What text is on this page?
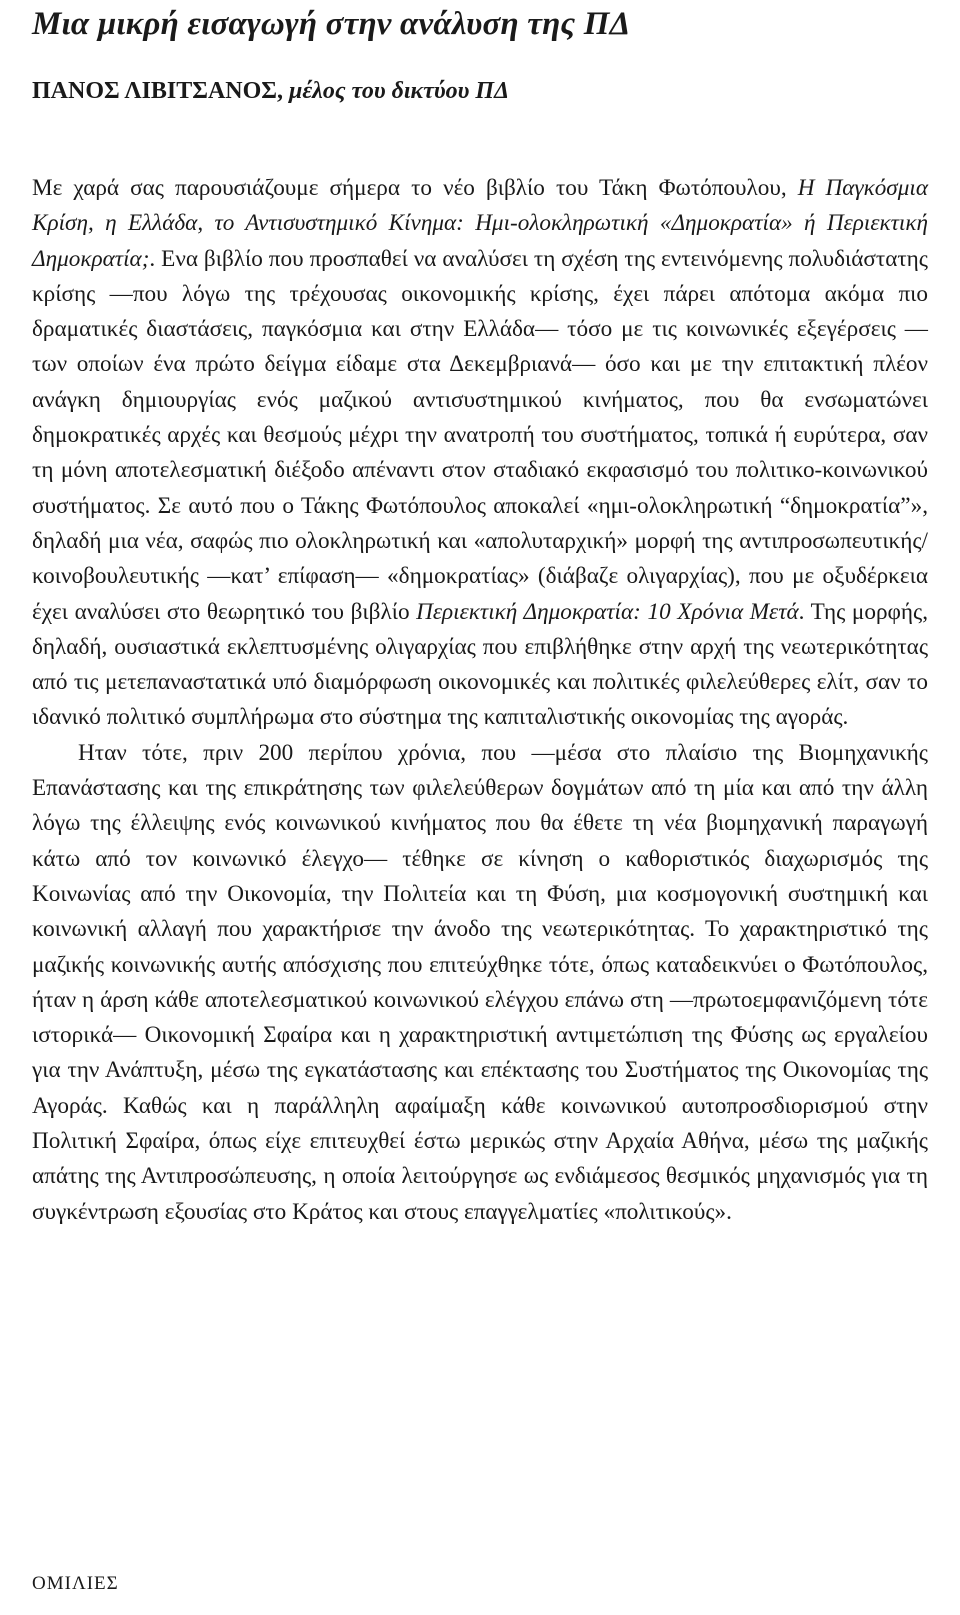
Μια μικρή εισαγωγή στην ανάλυση της ΠΔ
ΠΑΝΟΣ ΛΙΒΙΤΣΑΝΟΣ, μέλος του δικτύου ΠΔ

Με χαρά σας παρουσιάζουμε σήμερα το νέο βιβλίο του Τάκη Φωτόπουλου, Η Παγκόσμια Κρίση, η Ελλάδα, το Αντισυστημικό Κίνημα: Ημι-ολοκληρωτική «Δημοκρατία» ή Περιεκτική Δημοκρατία;. Ενα βιβλίο που προσπαθεί να αναλύσει τη σχέση της εντεινόμενης πολυδιάστατης κρίσης —που λόγω της τρέχουσας οικονομικής κρίσης, έχει πάρει απότομα ακόμα πιο δραματικές διαστάσεις, παγκόσμια και στην Ελλάδα— τόσο με τις κοινωνικές εξεγέρσεις —των οποίων ένα πρώτο δείγμα είδαμε στα Δεκεμβριανά— όσο και με την επιτακτική πλέον ανάγκη δημιουργίας ενός μαζικού αντισυστημικού κινήματος, που θα ενσωματώνει δημοκρατικές αρχές και θεσμούς μέχρι την ανατροπή του συστήματος, τοπικά ή ευρύτερα, σαν τη μόνη αποτελεσματική διέξοδο απέναντι στον σταδιακό εκφασισμό του πολιτικο-κοινωνικού συστήματος. Σε αυτό που ο Τάκης Φωτόπουλος αποκαλεί «ημι-ολοκληρωτική “δημοκρατία”», δηλαδή μια νέα, σαφώς πιο ολοκληρωτική και «απολυταρχική» μορφή της αντιπροσωπευτικής/κοινοβουλευτικής —κατ’ επίφαση— «δημοκρατίας» (διάβαζε ολιγαρχίας), που με οξυδέρκεια έχει αναλύσει στο θεωρητικό του βιβλίο Περιεκτική Δημοκρατία: 10 Χρόνια Μετά. Της μορφής, δηλαδή, ουσιαστικά εκλεπτυσμένης ολιγαρχίας που επιβλήθηκε στην αρχή της νεωτερικότητας από τις μετεπαναστατικά υπό διαμόρφωση οικονομικές και πολιτικές φιλελεύθερες ελίτ, σαν το ιδανικό πολιτικό συμπλήρωμα στο σύστημα της καπιταλιστικής οικονομίας της αγοράς.

Ηταν τότε, πριν 200 περίπου χρόνια, που —μέσα στο πλαίσιο της Βιομηχανικής Επανάστασης και της επικράτησης των φιλελεύθερων δογμάτων από τη μία και από την άλλη λόγω της έλλειψης ενός κοινωνικού κινήματος που θα έθετε τη νέα βιομηχανική παραγωγή κάτω από τον κοινωνικό έλεγχο— τέθηκε σε κίνηση ο καθοριστικός διαχωρισμός της Κοινωνίας από την Οικονομία, την Πολιτεία και τη Φύση, μια κοσμογονική συστημική και κοινωνική αλλαγή που χαρακτήρισε την άνοδο της νεωτερικότητας. Το χαρακτηριστικό της μαζικής κοινωνικής αυτής απόσχισης που επιτεύχθηκε τότε, όπως καταδεικνύει ο Φωτόπουλος, ήταν η άρση κάθε αποτελεσματικού κοινωνικού ελέγχου επάνω στη —πρωτοεμφανιζόμενη τότε ιστορικά— Οικονομική Σφαίρα και η χαρακτηριστική αντιμετώπιση της Φύσης ως εργαλείου για την Ανάπτυξη, μέσω της εγκατάστασης και επέκτασης του Συστήματος της Οικονομίας της Αγοράς. Καθώς και η παράλληλη αφαίμαξη κάθε κοινωνικού αυτοπροσδιορισμού στην Πολιτική Σφαίρα, όπως είχε επιτευχθεί έστω μερικώς στην Αρχαία Αθήνα, μέσω της μαζικής απάτης της Αντιπροσώπευσης, η οποία λειτούργησε ως ενδιάμεσος θεσμικός μηχανισμός για τη συγκέντρωση εξουσίας στο Κράτος και στους επαγγελματίες «πολιτικούς».

ΟΜΙΛΙΕΣ
